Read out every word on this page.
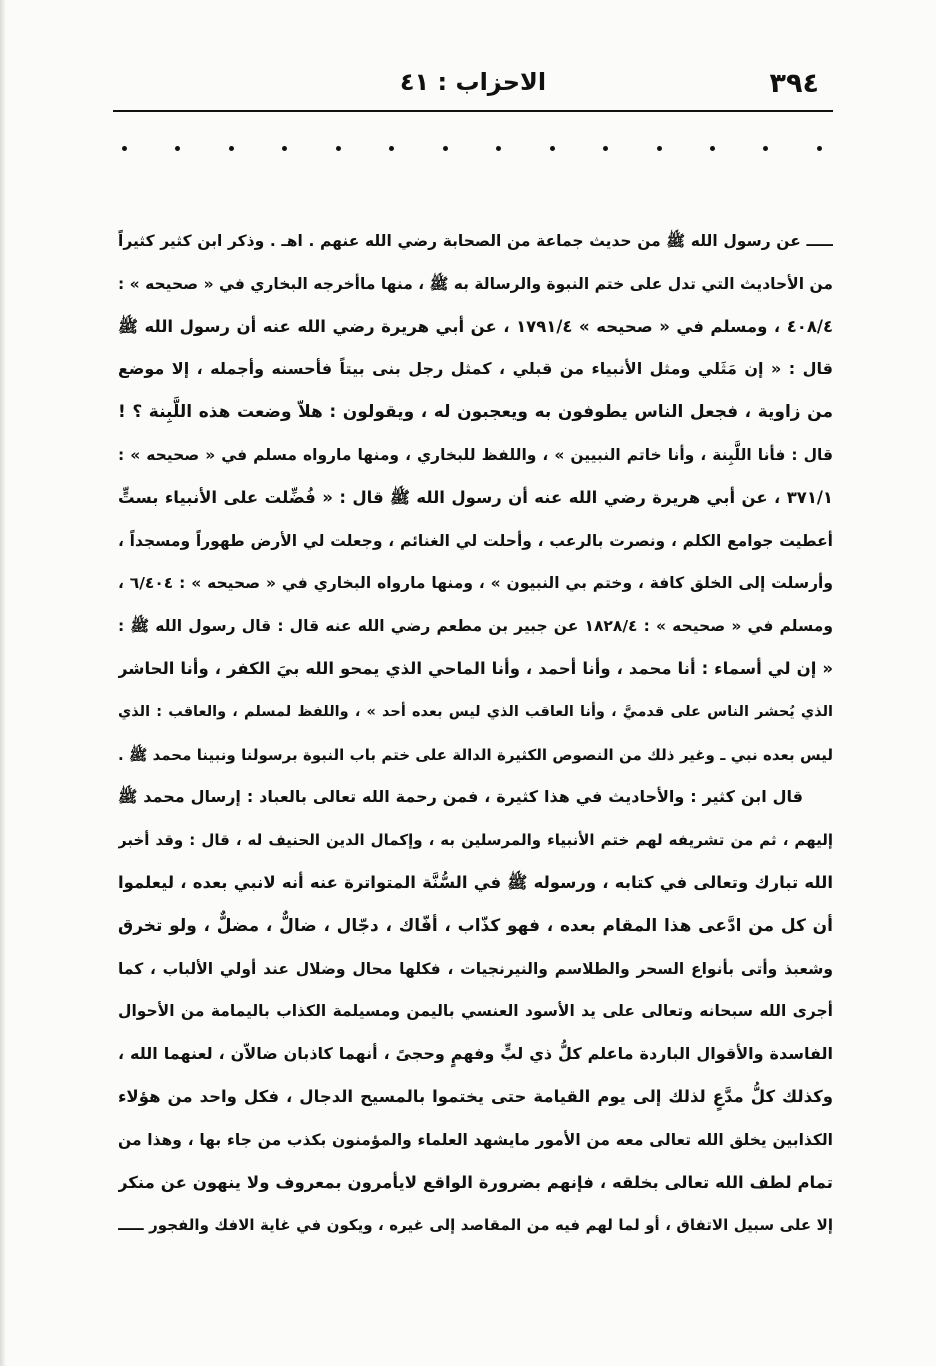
٣٩٤
الاحزاب : ٤١
ـــــ عن رسول الله ﷺ من حديث جماعة من الصحابة رضي الله عنهم . اهـ . وذكر ابن كثير كثيراً
من الأحاديث التي تدل على ختم النبوة والرسالة به ﷺ ، منها ماأخرجه البخاري في « صحيحه » :
٤٠٨/٤ ، ومسلم في « صحيحه » ١٧٩١/٤ ، عن أبي هريرة رضي الله عنه أن رسول الله ﷺ
قال : « إن مَثَلي ومثل الأنبياء من قبلي ، كمثل رجل بنى بيتاً فأحسنه وأجمله ، إلا موضع
من زاوية ، فجعل الناس يطوفون به ويعجبون له ، ويقولون : هلاّ وضعت هذه اللَّبِنة ؟ !
قال : فأنا اللَّبِنة ، وأنا خاتم النبيين » ، واللفظ للبخاري ، ومنها مارواه مسلم في « صحيحه » :
٣٧١/١ ، عن أبي هريرة رضي الله عنه أن رسول الله ﷺ قال : « فُضِّلت على الأنبياء بستٍّ
أعطيت جوامع الكلم ، ونصرت بالرعب ، وأحلت لي الغنائم ، وجعلت لي الأرض طهوراً ومسجداً ،
وأرسلت إلى الخلق كافة ، وختم بي النبيون » ، ومنها مارواه البخاري في « صحيحه » : ٦/٤٠٤ ،
ومسلم في « صحيحه » : ١٨٢٨/٤ عن جبير بن مطعم رضي الله عنه قال : قال رسول الله ﷺ :
« إن لي أسماء : أنا محمد ، وأنا أحمد ، وأنا الماحي الذي يمحو الله بيَ الكفر ، وأنا الحاشر
الذي يُحشر الناس على قدميَّ ، وأنا العاقب الذي ليس بعده أحد » ، واللفظ لمسلم ، والعاقب : الذي
ليس بعده نبي ـ وغير ذلك من النصوص الكثيرة الدالة على ختم باب النبوة برسولنا ونبينا محمد ﷺ .
قال ابن كثير : والأحاديث في هذا كثيرة ، فمن رحمة الله تعالى بالعباد : إرسال محمد ﷺ
إليهم ، ثم من تشريفه لهم ختم الأنبياء والمرسلين به ، وإكمال الدين الحنيف له ، قال : وقد أخبر
الله تبارك وتعالى في كتابه ، ورسوله ﷺ في السُّنَّة المتواترة عنه أنه لانبي بعده ، ليعلموا
أن كل من ادَّعى هذا المقام بعده ، فهو كذّاب ، أفّاك ، دجّال ، ضالٌّ ، مضلٌّ ، ولو تخرق
وشعبذ وأتى بأنواع السحر والطلاسم والنيرنجيات ، فكلها محال وضلال عند أولي الألباب ، كما
أجرى الله سبحانه وتعالى على يد الأسود العنسي باليمن ومسيلمة الكذاب باليمامة من الأحوال
الفاسدة والأقوال الباردة ماعلم كلُّ ذي لبٍّ وفهمٍ وحجىً ، أنهما كاذبان ضالاّن ، لعنهما الله ،
وكذلك كلُّ مدَّعٍ لذلك إلى يوم القيامة حتى يختموا بالمسيح الدجال ، فكل واحد من هؤلاء
الكذابين يخلق الله تعالى معه من الأمور مايشهد العلماء والمؤمنون بكذب من جاء بها ، وهذا من
تمام لطف الله تعالى بخلقه ، فإنهم بضرورة الواقع لايأمرون بمعروف ولا ينهون عن منكر
إلا على سبيل الاتفاق ، أو لما لهم فيه من المقاصد إلى غيره ، ويكون في غاية الافك والفجور ـــــ
